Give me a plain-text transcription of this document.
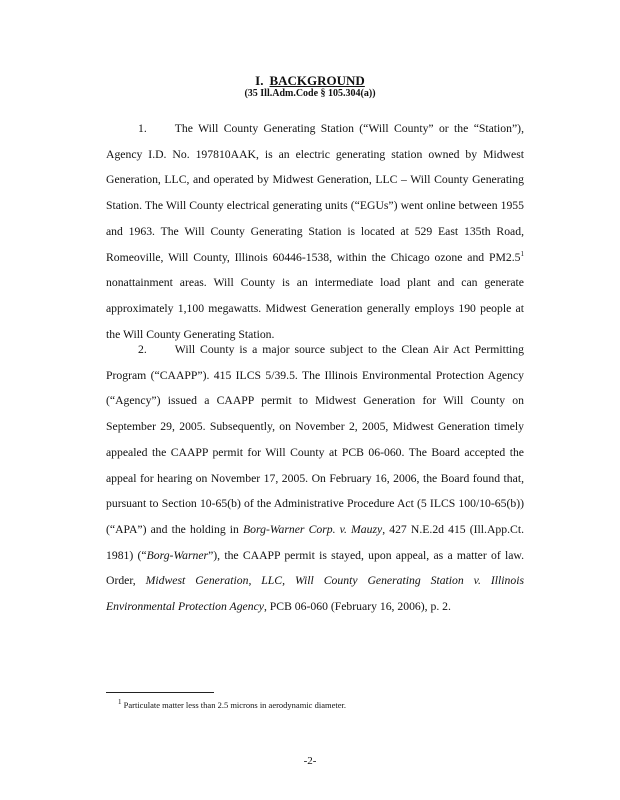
I. BACKGROUND
(35 Ill.Adm.Code § 105.304(a))
1. The Will County Generating Station (“Will County” or the “Station”), Agency I.D. No. 197810AAK, is an electric generating station owned by Midwest Generation, LLC, and operated by Midwest Generation, LLC – Will County Generating Station. The Will County electrical generating units (“EGUs”) went online between 1955 and 1963. The Will County Generating Station is located at 529 East 135th Road, Romeoville, Will County, Illinois 60446-1538, within the Chicago ozone and $PM2.5^1$ nonattainment areas. Will County is an intermediate load plant and can generate approximately 1,100 megawatts. Midwest Generation generally employs 190 people at the Will County Generating Station.
2. Will County is a major source subject to the Clean Air Act Permitting Program (“CAAPP”). 415 ILCS 5/39.5. The Illinois Environmental Protection Agency (“Agency”) issued a CAAPP permit to Midwest Generation for Will County on September 29, 2005. Subsequently, on November 2, 2005, Midwest Generation timely appealed the CAAPP permit for Will County at PCB 06-060. The Board accepted the appeal for hearing on November 17, 2005. On February 16, 2006, the Board found that, pursuant to Section 10-65(b) of the Administrative Procedure Act (5 ILCS 100/10-65(b)) (“APA”) and the holding in Borg-Warner Corp. v. Mauzy, 427 N.E.2d 415 (Ill.App.Ct. 1981) (“Borg-Warner”), the CAAPP permit is stayed, upon appeal, as a matter of law. Order, Midwest Generation, LLC, Will County Generating Station v. Illinois Environmental Protection Agency, PCB 06-060 (February 16, 2006), p. 2.
$^1$ Particulate matter less than 2.5 microns in aerodynamic diameter.
-2-
